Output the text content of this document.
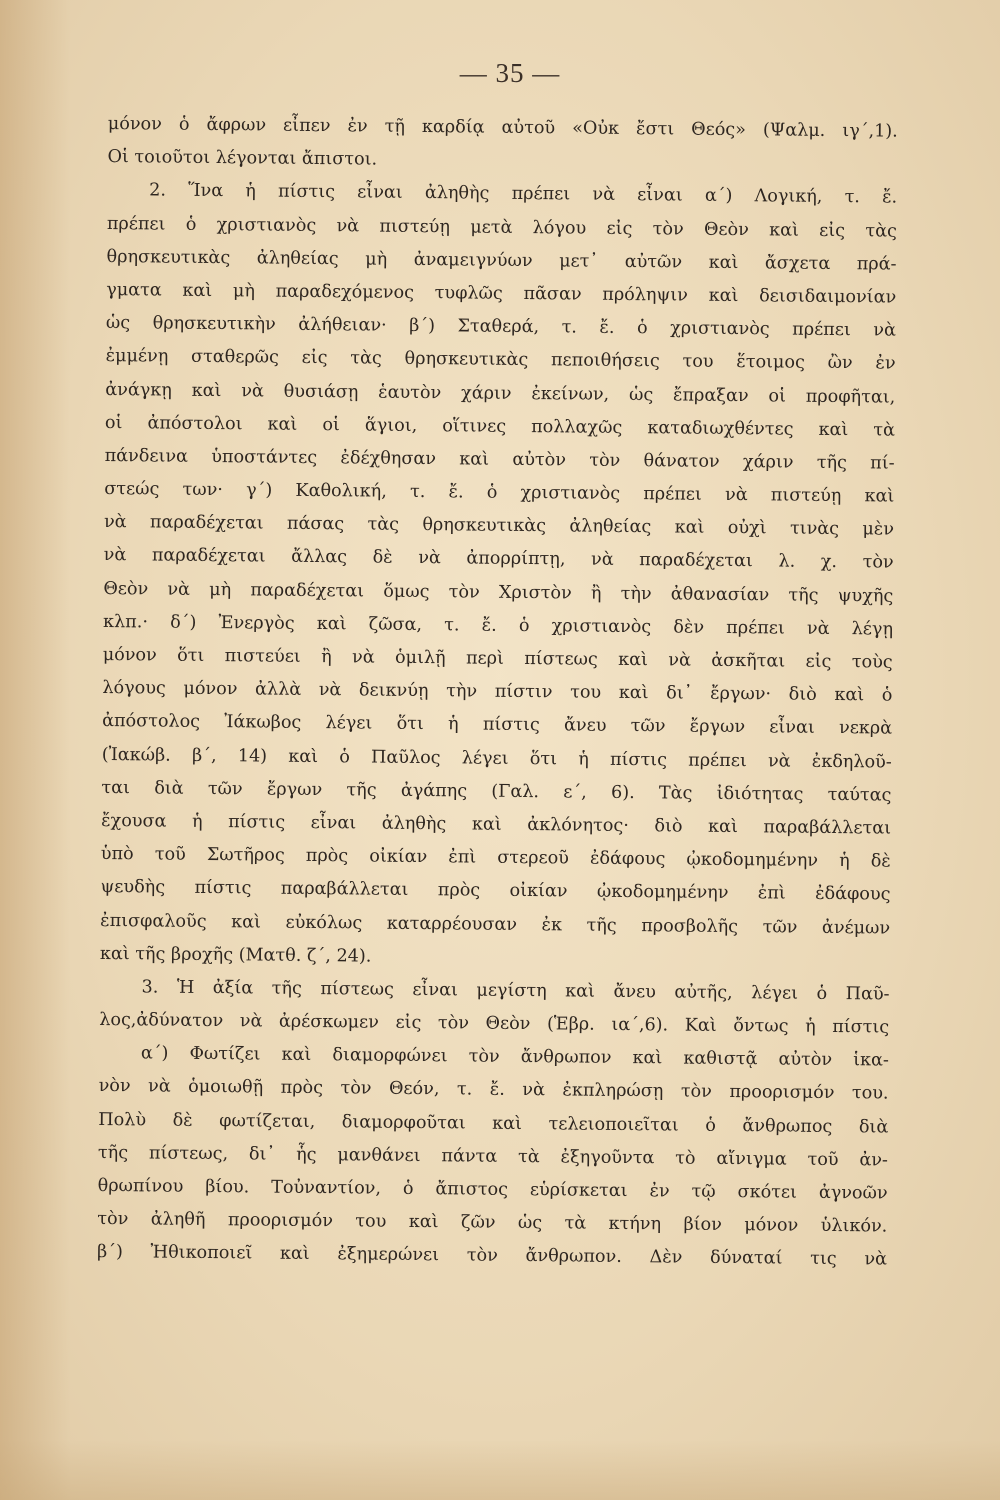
— 35 —
μόνον ὁ ἄφρων εἶπεν ἐν τῇ καρδίᾳ αὐτοῦ «Οὐκ ἔστι Θεός» (Ψαλμ. ιγ΄,1).
Οἱ τοιοῦτοι λέγονται ἄπιστοι.
2. Ἵνα ἡ πίστις εἶναι ἀληθὴς πρέπει νὰ εἶναι α΄) Λογική, τ. ἔ.
πρέπει ὁ χριστιανὸς νὰ πιστεύῃ μετὰ λόγου εἰς τὸν Θεὸν καὶ εἰς τὰς
θρησκευτικὰς ἀληθείας μὴ ἀναμειγνύων μετ᾽ αὐτῶν καὶ ἄσχετα πρά-
γματα καὶ μὴ παραδεχόμενος τυφλῶς πᾶσαν πρόληψιν καὶ δεισιδαιμονίαν
ὡς θρησκευτικὴν ἀλήθειαν· β΄) Σταθερά, τ. ἔ. ὁ χριστιανὸς πρέπει νὰ
ἐμμένῃ σταθερῶς εἰς τὰς θρησκευτικὰς πεποιθήσεις του ἕτοιμος ὢν ἐν
ἀνάγκῃ καὶ νὰ θυσιάσῃ ἑαυτὸν χάριν ἐκείνων, ὡς ἔπραξαν οἱ προφῆται,
οἱ ἀπόστολοι καὶ οἱ ἅγιοι, οἵτινες πολλαχῶς καταδιωχθέντες καὶ τὰ
πάνδεινα ὑποστάντες ἐδέχθησαν καὶ αὐτὸν τὸν θάνατον χάριν τῆς πί-
στεώς των· γ΄) Καθολική, τ. ἔ. ὁ χριστιανὸς πρέπει νὰ πιστεύῃ καὶ
νὰ παραδέχεται πάσας τὰς θρησκευτικὰς ἀληθείας καὶ οὐχὶ τινὰς μὲν
νὰ παραδέχεται ἄλλας δὲ νὰ ἀπορρίπτῃ, νὰ παραδέχεται λ. χ. τὸν
Θεὸν νὰ μὴ παραδέχεται ὅμως τὸν Χριστὸν ἢ τὴν ἀθανασίαν τῆς ψυχῆς
κλπ.· δ΄) Ἐνεργὸς καὶ ζῶσα, τ. ἔ. ὁ χριστιανὸς δὲν πρέπει νὰ λέγῃ
μόνον ὅτι πιστεύει ἢ νὰ ὁμιλῇ περὶ πίστεως καὶ νὰ ἀσκῆται εἰς τοὺς
λόγους μόνον ἀλλὰ νὰ δεικνύῃ τὴν πίστιν του καὶ δι᾽ ἔργων· διὸ καὶ ὁ
ἀπόστολος Ἰάκωβος λέγει ὅτι ἡ πίστις ἄνευ τῶν ἔργων εἶναι νεκρὰ
(Ἰακώβ. β΄, 14) καὶ ὁ Παῦλος λέγει ὅτι ἡ πίστις πρέπει νὰ ἐκδηλοῦ-
ται διὰ τῶν ἔργων τῆς ἀγάπης (Γαλ. ε΄, 6). Τὰς ἰδιότητας ταύτας
ἔχουσα ἡ πίστις εἶναι ἀληθὴς καὶ ἀκλόνητος· διὸ καὶ παραβάλλεται
ὑπὸ τοῦ Σωτῆρος πρὸς οἰκίαν ἐπὶ στερεοῦ ἐδάφους ᾠκοδομημένην ἡ δὲ
ψευδὴς πίστις παραβάλλεται πρὸς οἰκίαν ᾠκοδομημένην ἐπὶ ἐδάφους
ἐπισφαλοῦς καὶ εὐκόλως καταρρέουσαν ἐκ τῆς προσβολῆς τῶν ἀνέμων
καὶ τῆς βροχῆς (Ματθ. ζ΄, 24).
3. Ἡ ἀξία τῆς πίστεως εἶναι μεγίστη καὶ ἄνευ αὐτῆς, λέγει ὁ Παῦ-
λος,ἀδύνατον νὰ ἀρέσκωμεν εἰς τὸν Θεὸν (Ἑβρ. ια΄,6). Καὶ ὄντως ἡ πίστις
α΄) Φωτίζει καὶ διαμορφώνει τὸν ἄνθρωπον καὶ καθιστᾷ αὐτὸν ἱκα-
νὸν νὰ ὁμοιωθῇ πρὸς τὸν Θεόν, τ. ἔ. νὰ ἐκπληρώσῃ τὸν προορισμόν του.
Πολὺ δὲ φωτίζεται, διαμορφοῦται καὶ τελειοποιεῖται ὁ ἄνθρωπος διὰ
τῆς πίστεως, δι᾽ ἧς μανθάνει πάντα τὰ ἐξηγοῦντα τὸ αἴνιγμα τοῦ ἀν-
θρωπίνου βίου. Τοὐναντίον, ὁ ἄπιστος εὑρίσκεται ἐν τῷ σκότει ἀγνοῶν
τὸν ἀληθῆ προορισμόν του καὶ ζῶν ὡς τὰ κτήνη βίον μόνον ὑλικόν.
β΄) Ἠθικοποιεῖ καὶ ἐξημερώνει τὸν ἄνθρωπον. Δὲν δύναταί τις νὰ
